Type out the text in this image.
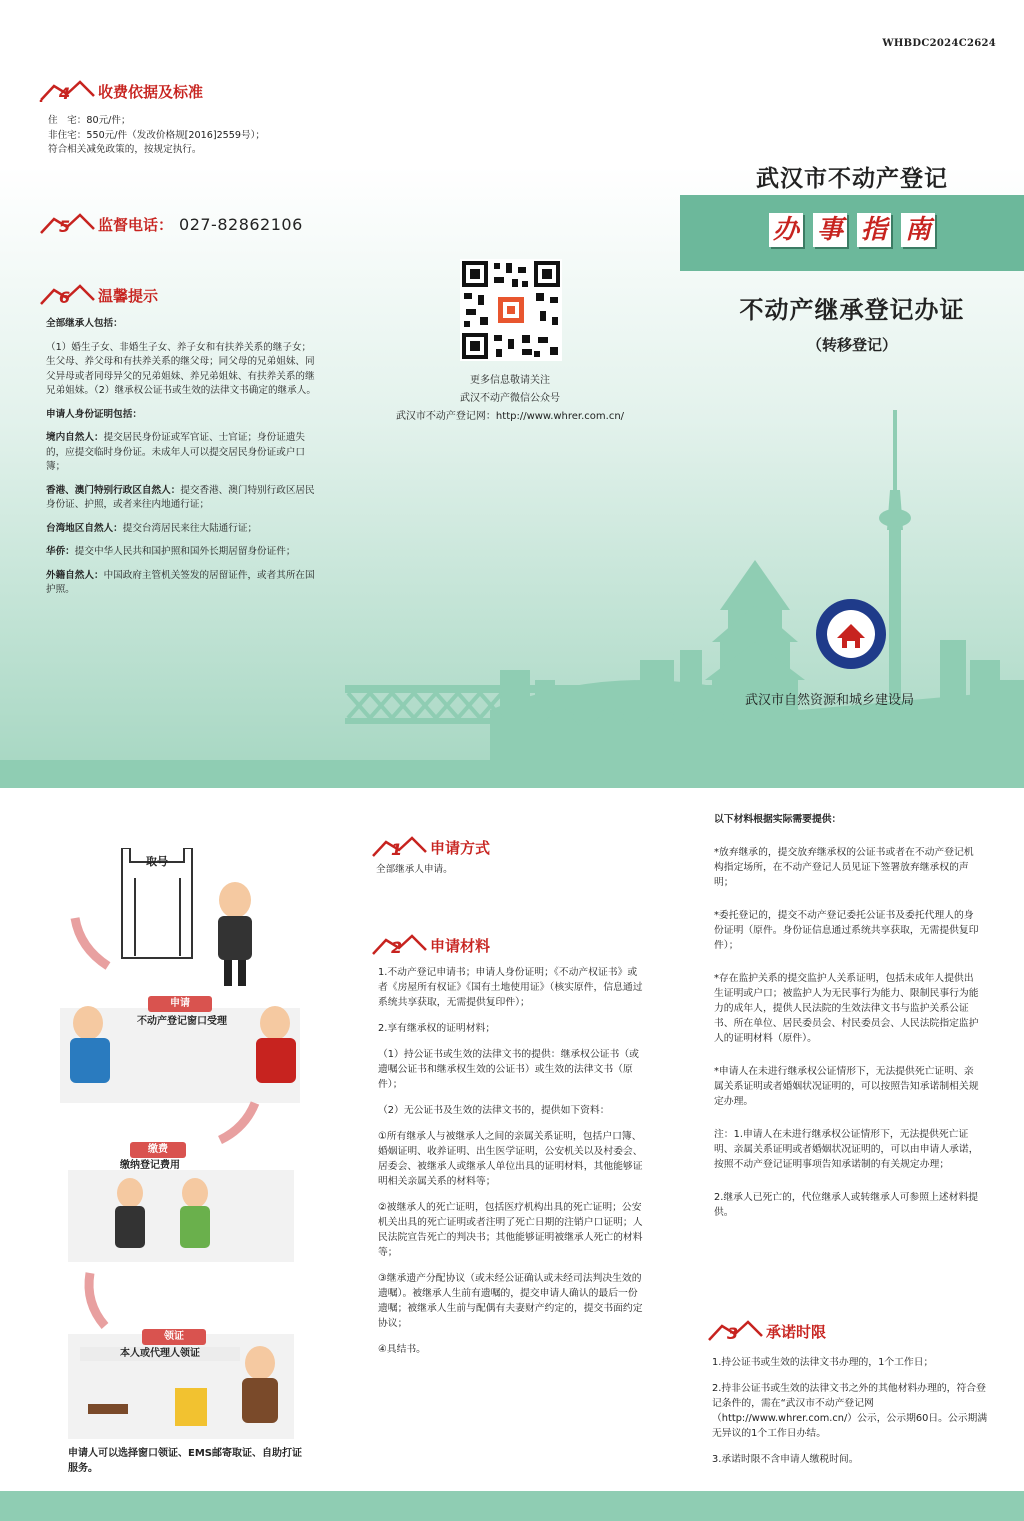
WHBDC2024C2624
4 收费依据及标准
住　宅：80元/件；
非住宅：550元/件（发改价格规[2016]2559号）；
符合相关减免政策的，按规定执行。
5 监督电话： 027-82862106
6 温馨提示

全部继承人包括：

（1）婚生子女、非婚生子女、养子女和有扶养关系的继子女；生父母、养父母和有扶养关系的继父母；同父母的兄弟姐妹、同父异母或者同母异父的兄弟姐妹、养兄弟姐妹、有扶养关系的继兄弟姐妹。（2）继承权公证书或生效的法律文书确定的继承人。

申请人身份证明包括：

境内自然人：提交居民身份证或军官证、士官证；身份证遗失的，应提交临时身份证。未成年人可以提交居民身份证或户口簿；

香港、澳门特别行政区自然人：提交香港、澳门特别行政区居民身份证、护照，或者来往内地通行证；

台湾地区自然人：提交台湾居民来往大陆通行证；

华侨：提交中华人民共和国护照和国外长期居留身份证件；

外籍自然人：中国政府主管机关签发的居留证件，或者其所在国护照。

更多信息敬请关注
武汉不动产微信公众号
武汉市不动产登记网：http://www.whrer.com.cn/
武汉市不动产登记
办 事 指 南
不动产继承登记办证
（转移登记）
武汉市自然资源和城乡建设局
取号
申请
不动产登记窗口受理
缴费
缴纳登记费用
领证
本人或代理人领证
申请人可以选择窗口领证、EMS邮寄取证、自助打证服务。
1 申请方式
全部继承人申请。
2 申请材料

1.不动产登记申请书；申请人身份证明；《不动产权证书》或者《房屋所有权证》《国有土地使用证》（核实原件，信息通过系统共享获取，无需提供复印件）；

2.享有继承权的证明材料；

（1）持公证书或生效的法律文书的提供：继承权公证书（或遗嘱公证书和继承权生效的公证书）或生效的法律文书（原件）；

（2）无公证书及生效的法律文书的，提供如下资料：

①所有继承人与被继承人之间的亲属关系证明，包括户口簿、婚姻证明、收养证明、出生医学证明，公安机关以及村委会、居委会、被继承人或继承人单位出具的证明材料，其他能够证明相关亲属关系的材料等；

②被继承人的死亡证明，包括医疗机构出具的死亡证明；公安机关出具的死亡证明或者注明了死亡日期的注销户口证明；人民法院宣告死亡的判决书；其他能够证明被继承人死亡的材料等；

③继承遗产分配协议（或未经公证确认或未经司法判决生效的遗嘱）。被继承人生前有遗嘱的，提交申请人确认的最后一份遗嘱；被继承人生前与配偶有夫妻财产约定的，提交书面约定协议；

④具结书。

以下材料根据实际需要提供：

*放弃继承的，提交放弃继承权的公证书或者在不动产登记机构指定场所，在不动产登记人员见证下签署放弃继承权的声明；

*委托登记的，提交不动产登记委托公证书及委托代理人的身份证明（原件。身份证信息通过系统共享获取，无需提供复印件）；

*存在监护关系的提交监护人关系证明，包括未成年人提供出生证明或户口；被监护人为无民事行为能力、限制民事行为能力的成年人，提供人民法院的生效法律文书与监护关系公证书、所在单位、居民委员会、村民委员会、人民法院指定监护人的证明材料（原件）。

*申请人在未进行继承权公证情形下，无法提供死亡证明、亲属关系证明或者婚姻状况证明的，可以按照告知承诺制相关规定办理。

注：1.申请人在未进行继承权公证情形下，无法提供死亡证明、亲属关系证明或者婚姻状况证明的，可以由申请人承诺，按照不动产登记证明事项告知承诺制的有关规定办理；

2.继承人已死亡的，代位继承人或转继承人可参照上述材料提供。

3 承诺时限

1.持公证书或生效的法律文书办理的，1个工作日；

2.持非公证书或生效的法律文书之外的其他材料办理的，符合登记条件的，需在“武汉市不动产登记网（http://www.whrer.com.cn/）公示，公示期60日。公示期满无异议的1个工作日办结。

3.承诺时限不含申请人缴税时间。
